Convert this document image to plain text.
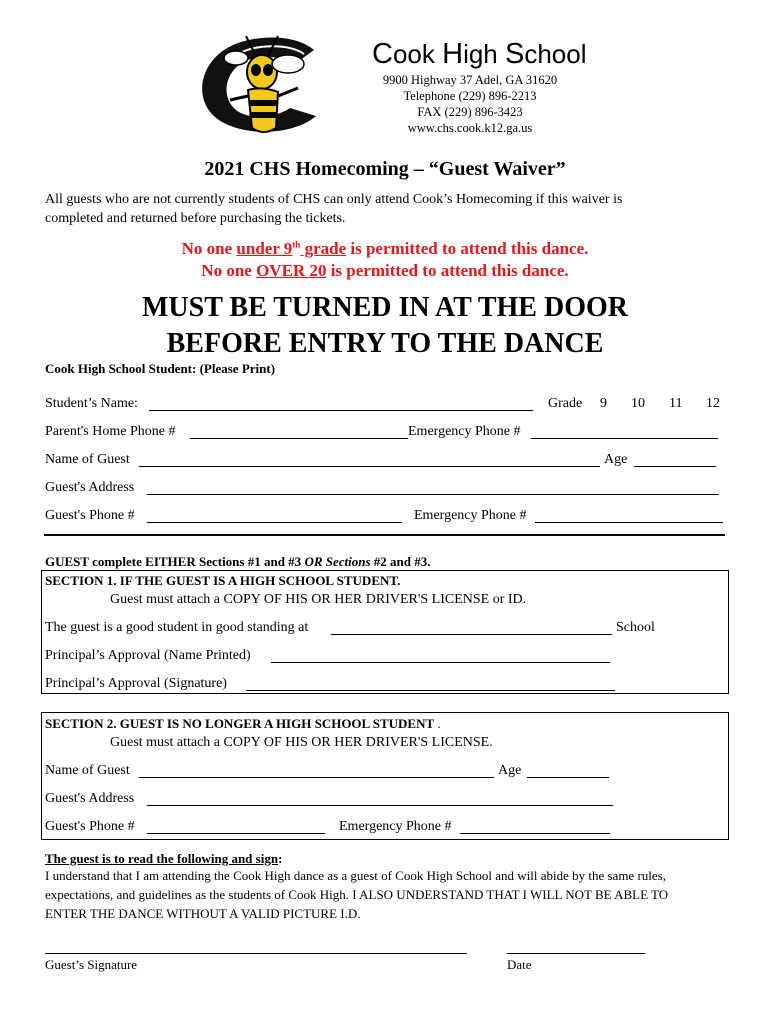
Cook High School
9900 Highway 37 Adel, GA 31620
Telephone (229) 896-2213
FAX (229) 896-3423
www.chs.cook.k12.ga.us
2021 CHS Homecoming – “Guest Waiver”
All guests who are not currently students of CHS can only attend Cook’s Homecoming if this waiver is
completed and returned before purchasing the tickets.
No one under 9th grade is permitted to attend this dance.
No one OVER 20 is permitted to attend this dance.
MUST BE TURNED IN AT THE DOOR
BEFORE ENTRY TO THE DANCE
Cook High School Student: (Please Print)
Student’s Name:	Grade 9 10 11 12
Parent's Home Phone #	Emergency Phone #
Name of Guest	Age
Guest's Address
Guest's Phone #	Emergency Phone #
GUEST complete EITHER Sections #1 and #3 OR Sections #2 and #3.
SECTION 1. IF THE GUEST IS A HIGH SCHOOL STUDENT.
Guest must attach a COPY OF HIS OR HER DRIVER'S LICENSE or ID.
The guest is a good student in good standing at	School
Principal’s Approval (Name Printed)
Principal’s Approval (Signature)
SECTION 2. GUEST IS NO LONGER A HIGH SCHOOL STUDENT .
Guest must attach a COPY OF HIS OR HER DRIVER'S LICENSE.
Name of Guest	Age
Guest's Address
Guest's Phone #	Emergency Phone #
The guest is to read the following and sign:
I understand that I am attending the Cook High dance as a guest of Cook High School and will abide by the same rules,
expectations, and guidelines as the students of Cook High. I ALSO UNDERSTAND THAT I WILL NOT BE ABLE TO
ENTER THE DANCE WITHOUT A VALID PICTURE I.D.
Guest’s Signature	Date
